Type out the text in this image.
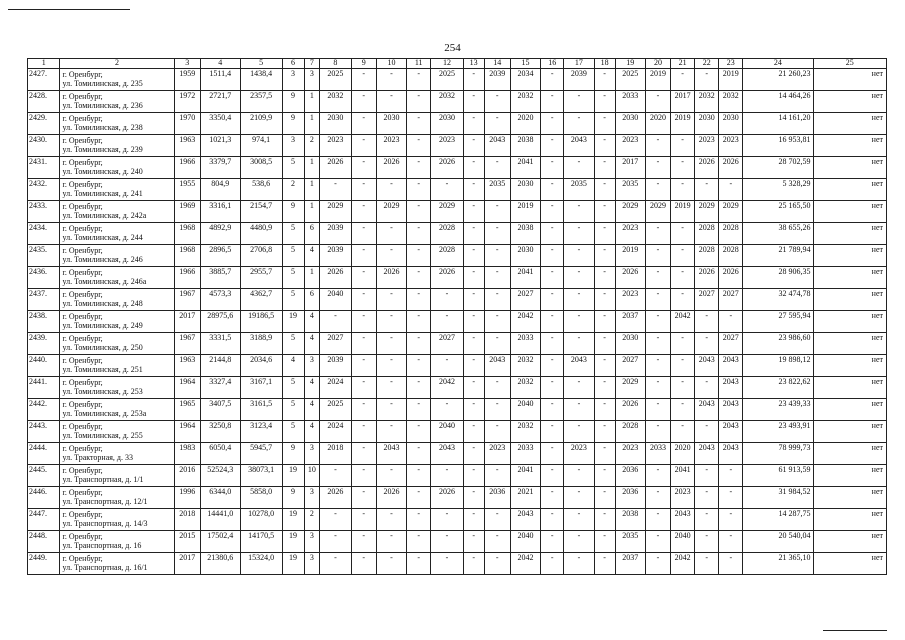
254
1	2	3	4	5	6	7	8	9	10	11	12	13	14	15	16	17	18	19	20	21	22	23	24	25
2427.	г. Оренбург,
ул. Томилинская, д. 235	1959	1511,4	1438,4	3	3	2025	-	-	-	2025	-	2039	2034	-	2039	-	2025	2019	-	-	2019	21 260,23	нет
2428.	г. Оренбург,
ул. Томилинская, д. 236	1972	2721,7	2357,5	9	1	2032	-	-	-	2032	-	-	2032	-	-	-	2033	-	2017	2032	2032	14 464,26	нет
2429.	г. Оренбург,
ул. Томилинская, д. 238	1970	3350,4	2109,9	9	1	2030	-	2030	-	2030	-	-	2020	-	-	-	2030	2020	2019	2030	2030	14 161,20	нет
2430.	г. Оренбург,
ул. Томилинская, д. 239	1963	1021,3	974,1	3	2	2023	-	2023	-	2023	-	2043	2038	-	2043	-	2023	-	-	2023	2023	16 953,81	нет
2431.	г. Оренбург,
ул. Томилинская, д. 240	1966	3379,7	3008,5	5	1	2026	-	2026	-	2026	-	-	2041	-	-	-	2017	-	-	2026	2026	28 702,59	нет
2432.	г. Оренбург,
ул. Томилинская, д. 241	1955	804,9	538,6	2	1	-	-	-	-	-	-	2035	2030	-	2035	-	2035	-	-	-	-	5 328,29	нет
2433.	г. Оренбург,
ул. Томилинская, д. 242а	1969	3316,1	2154,7	9	1	2029	-	2029	-	2029	-	-	2019	-	-	-	2029	2029	2019	2029	2029	25 165,50	нет
2434.	г. Оренбург,
ул. Томилинская, д. 244	1968	4892,9	4480,9	5	6	2039	-	-	-	2028	-	-	2038	-	-	-	2023	-	-	2028	2028	38 655,26	нет
2435.	г. Оренбург,
ул. Томилинская, д. 246	1968	2896,5	2706,8	5	4	2039	-	-	-	2028	-	-	2030	-	-	-	2019	-	-	2028	2028	21 789,94	нет
2436.	г. Оренбург,
ул. Томилинская, д. 246а	1966	3885,7	2955,7	5	1	2026	-	2026	-	2026	-	-	2041	-	-	-	2026	-	-	2026	2026	28 906,35	нет
2437.	г. Оренбург,
ул. Томилинская, д. 248	1967	4573,3	4362,7	5	6	2040	-	-	-	-	-	-	2027	-	-	-	2023	-	-	2027	2027	32 474,78	нет
2438.	г. Оренбург,
ул. Томилинская, д. 249	2017	28975,6	19186,5	19	4	-	-	-	-	-	-	-	2042	-	-	-	2037	-	2042	-	-	27 595,94	нет
2439.	г. Оренбург,
ул. Томилинская, д. 250	1967	3331,5	3188,9	5	4	2027	-	-	-	2027	-	-	2033	-	-	-	2030	-	-	-	2027	23 986,60	нет
2440.	г. Оренбург,
ул. Томилинская, д. 251	1963	2144,8	2034,6	4	3	2039	-	-	-	-	-	2043	2032	-	2043	-	2027	-	-	2043	2043	19 898,12	нет
2441.	г. Оренбург,
ул. Томилинская, д. 253	1964	3327,4	3167,1	5	4	2024	-	-	-	2042	-	-	2032	-	-	-	2029	-	-	-	2043	23 822,62	нет
2442.	г. Оренбург,
ул. Томилинская, д. 253а	1965	3407,5	3161,5	5	4	2025	-	-	-	-	-	-	2040	-	-	-	2026	-	-	2043	2043	23 439,33	нет
2443.	г. Оренбург,
ул. Томилинская, д. 255	1964	3250,8	3123,4	5	4	2024	-	-	-	2040	-	-	2032	-	-	-	2028	-	-	-	2043	23 493,91	нет
2444.	г. Оренбург,
ул. Тракторная, д. 33	1983	6050,4	5945,7	9	3	2018	-	2043	-	2043	-	2023	2033	-	2023	-	2023	2033	2020	2043	2043	78 999,73	нет
2445.	г. Оренбург,
ул. Транспортная, д. 1/1	2016	52524,3	38073,1	19	10	-	-	-	-	-	-	-	2041	-	-	-	2036	-	2041	-	-	61 913,59	нет
2446.	г. Оренбург,
ул. Транспортная, д. 12/1	1996	6344,0	5858,0	9	3	2026	-	2026	-	2026	-	2036	2021	-	-	-	2036	-	2023	-	-	31 984,52	нет
2447.	г. Оренбург,
ул. Транспортная, д. 14/3	2018	14441,0	10278,0	19	2	-	-	-	-	-	-	-	2043	-	-	-	2038	-	2043	-	-	14 287,75	нет
2448.	г. Оренбург,
ул. Транспортная, д. 16	2015	17502,4	14170,5	19	3	-	-	-	-	-	-	-	2040	-	-	-	2035	-	2040	-	-	20 540,04	нет
2449.	г. Оренбург,
ул. Транспортная, д. 16/1	2017	21380,6	15324,0	19	3	-	-	-	-	-	-	-	2042	-	-	-	2037	-	2042	-	-	21 365,10	нет
